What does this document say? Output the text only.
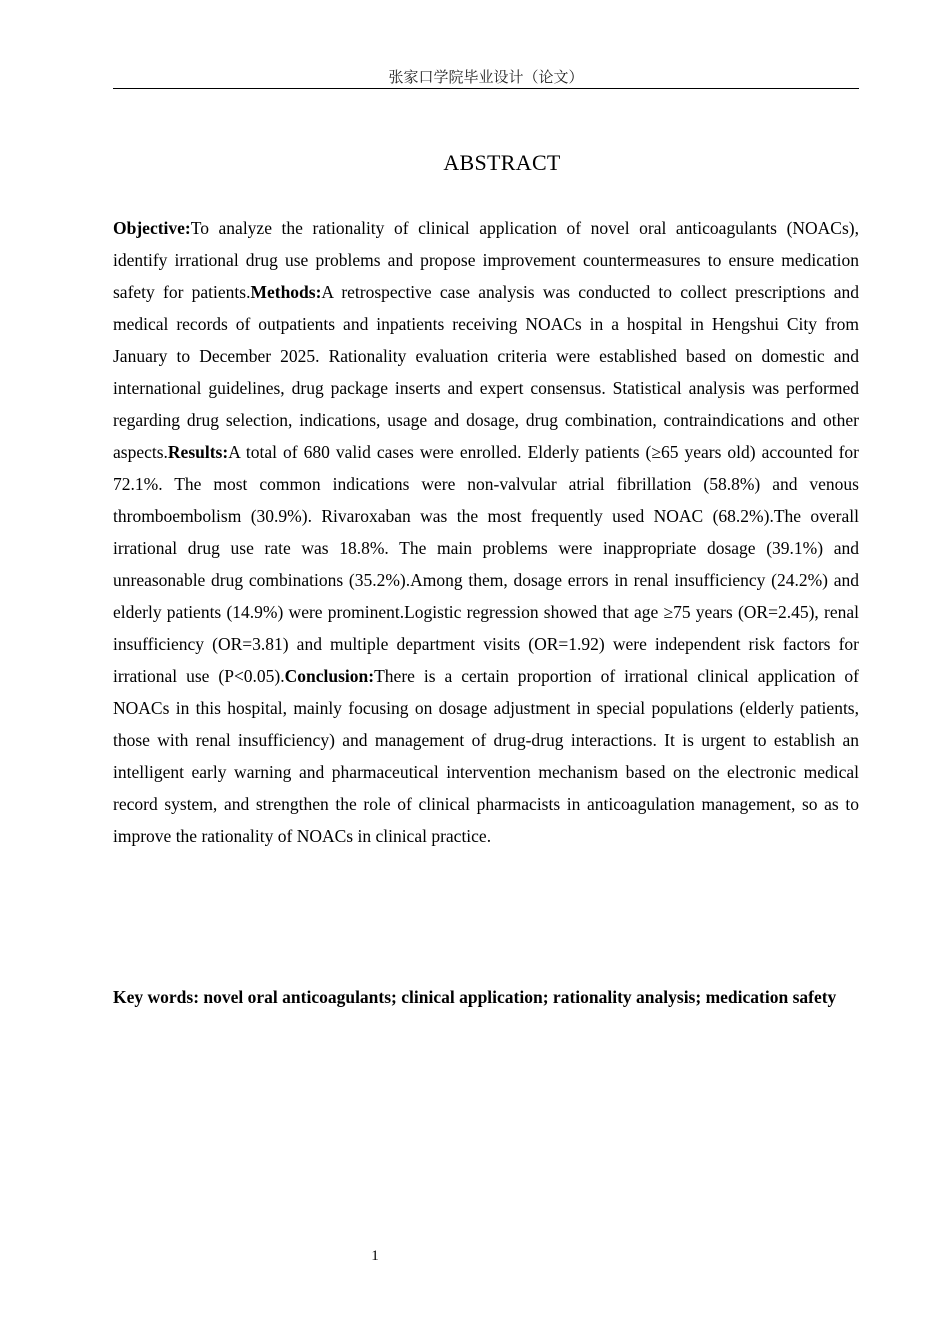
张家口学院毕业设计（论文）
ABSTRACT

Objective:To analyze the rationality of clinical application of novel oral anticoagulants (NOACs), identify irrational drug use problems and propose improvement countermeasures to ensure medication safety for patients.Methods:A retrospective case analysis was conducted to collect prescriptions and medical records of outpatients and inpatients receiving NOACs in a hospital in Hengshui City from January to December 2025. Rationality evaluation criteria were established based on domestic and international guidelines, drug package inserts and expert consensus. Statistical analysis was performed regarding drug selection, indications, usage and dosage, drug combination, contraindications and other aspects.Results:A total of 680 valid cases were enrolled. Elderly patients (≥65 years old) accounted for 72.1%. The most common indications were non-valvular atrial fibrillation (58.8%) and venous thromboembolism (30.9%). Rivaroxaban was the most frequently used NOAC (68.2%).The overall irrational drug use rate was 18.8%. The main problems were inappropriate dosage (39.1%) and unreasonable drug combinations (35.2%).Among them, dosage errors in renal insufficiency (24.2%) and elderly patients (14.9%) were prominent.Logistic regression showed that age ≥75 years (OR=2.45), renal insufficiency (OR=3.81) and multiple department visits (OR=1.92) were independent risk factors for irrational use (P<0.05).Conclusion:There is a certain proportion of irrational clinical application of NOACs in this hospital, mainly focusing on dosage adjustment in special populations (elderly patients, those with renal insufficiency) and management of drug-drug interactions. It is urgent to establish an intelligent early warning and pharmaceutical intervention mechanism based on the electronic medical record system, and strengthen the role of clinical pharmacists in anticoagulation management, so as to improve the rationality of NOACs in clinical practice.

Key words: novel oral anticoagulants; clinical application; rationality analysis; medication safety

1
